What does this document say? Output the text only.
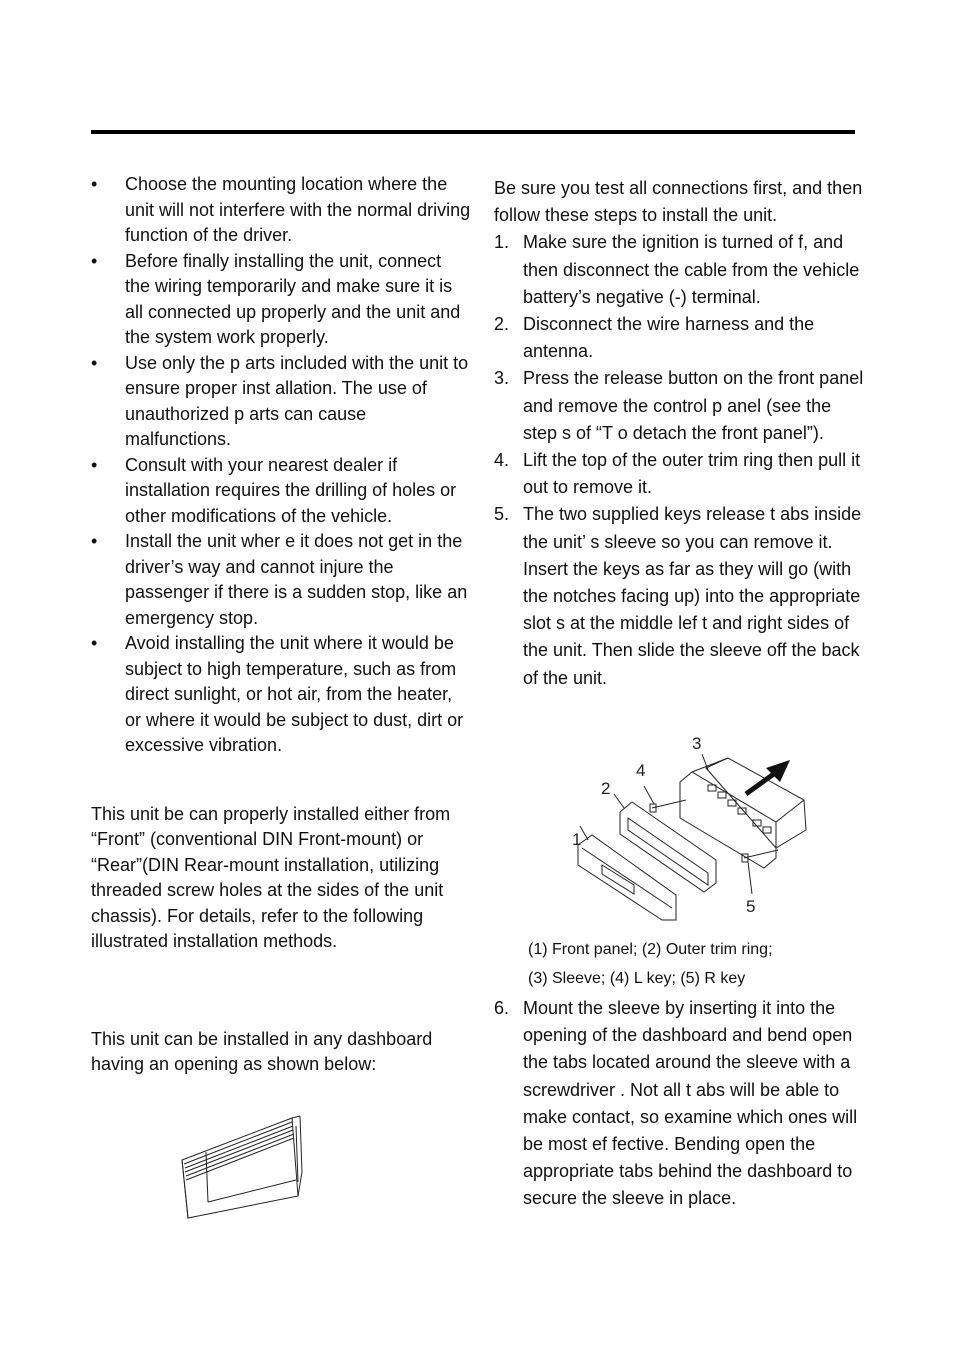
• Choose the mounting location where the unit will not interfere with the normal driving function of the driver.
• Before finally installing the unit, connect the wiring temporarily and make sure it is all connected up properly and the unit and the system work properly.
• Use only the p arts included with the unit to ensure proper inst allation. The use of unauthorized p arts can cause malfunctions.
• Consult with your nearest dealer if installation requires the drilling of holes or other modifications of the vehicle.
• Install the unit wher e it does not get in the driver’s way and cannot injure the passenger if there is a sudden stop, like an emergency stop.
• Avoid installing the unit where it would be subject to high temperature, such as from direct sunlight, or hot air, from the heater, or where it would be subject to dust, dirt or excessive vibration.

This unit be can properly installed either from “Front” (conventional DIN Front-mount) or “Rear”(DIN Rear-mount installation, utilizing threaded screw holes at the sides of the unit chassis). For details, refer to the following illustrated installation methods.

This unit can be installed in any dashboard having an opening as shown below:

Be sure you test all connections first, and then follow these steps to install the unit.

1. Make sure the ignition is turned of f, and then disconnect the cable from the vehicle battery’s negative (-) terminal.
2. Disconnect the wire harness and the antenna.
3. Press the release button on the front panel and remove the control p anel (see the step s of “T o detach the front panel”).
4. Lift the top of the outer trim ring then pull it out to remove it.
5. The two supplied keys release t abs inside the unit’ s sleeve so you can remove it. Insert the keys as far as they will go (with the notches facing up) into the appropriate slot s at the middle lef t and right sides of the unit. Then slide the sleeve off the back of the unit.
1
2
4
3
5
(1) Front panel; (2) Outer trim ring;
(3) Sleeve; (4) L key; (5) R key
6. Mount the sleeve by inserting it into the opening of the dashboard and bend open the tabs located around the sleeve with a screwdriver . Not all t abs will be able to make contact, so examine which ones will be most ef fective. Bending open the appropriate tabs behind the dashboard to secure the sleeve in place.
